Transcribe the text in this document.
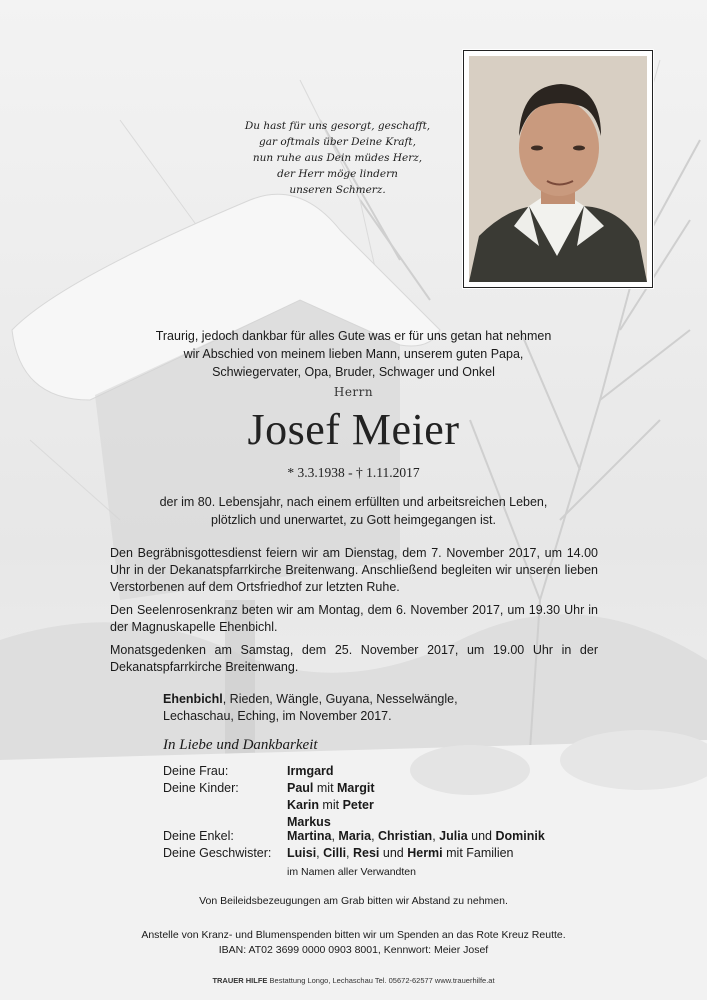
Du hast für uns gesorgt, geschafft,
gar oftmals über Deine Kraft,
nun ruhe aus Dein müdes Herz,
der Herr möge lindern
unseren Schmerz.
Traurig, jedoch dankbar für alles Gute was er für uns getan hat nehmen
wir Abschied von meinem lieben Mann, unserem guten Papa,
Schwiegervater, Opa, Bruder, Schwager und Onkel
Herrn
Josef Meier
* 3.3.1938 - † 1.11.2017
der im 80. Lebensjahr, nach einem erfüllten und arbeitsreichen Leben,
plötzlich und unerwartet, zu Gott heimgegangen ist.
Den Begräbnisgottesdienst feiern wir am Dienstag, dem 7. November 2017, um 14.00 Uhr in der Dekanatspfarrkirche Breitenwang. Anschließend begleiten wir unseren lieben Verstorbenen auf dem Ortsfriedhof zur letzten Ruhe.
Den Seelenrosenkranz beten wir am Montag, dem 6. November 2017, um 19.30 Uhr in der Magnuskapelle Ehenbichl.
Monatsgedenken am Samstag, dem 25. November 2017, um 19.00 Uhr in der Dekanatspfarrkirche Breitenwang.
Ehenbichl, Rieden, Wängle, Guyana, Nesselwängle,
Lechaschau, Eching, im November 2017.
In Liebe und Dankbarkeit
Deine Frau:	Irmgard
Deine Kinder:	Paul mit Margit
Karin mit Peter
Markus
Deine Enkel:	Martina, Maria, Christian, Julia und Dominik
Deine Geschwister: Luisi, Cilli, Resi und Hermi mit Familien
im Namen aller Verwandten
Von Beileidsbezeugungen am Grab bitten wir Abstand zu nehmen.
Anstelle von Kranz- und Blumenspenden bitten wir um Spenden an das Rote Kreuz Reutte.
IBAN: AT02 3699 0000 0903 8001, Kennwort: Meier Josef
TRAUER HILFE Bestattung Longo, Lechaschau Tel. 05672-62577 www.trauerhilfe.at
